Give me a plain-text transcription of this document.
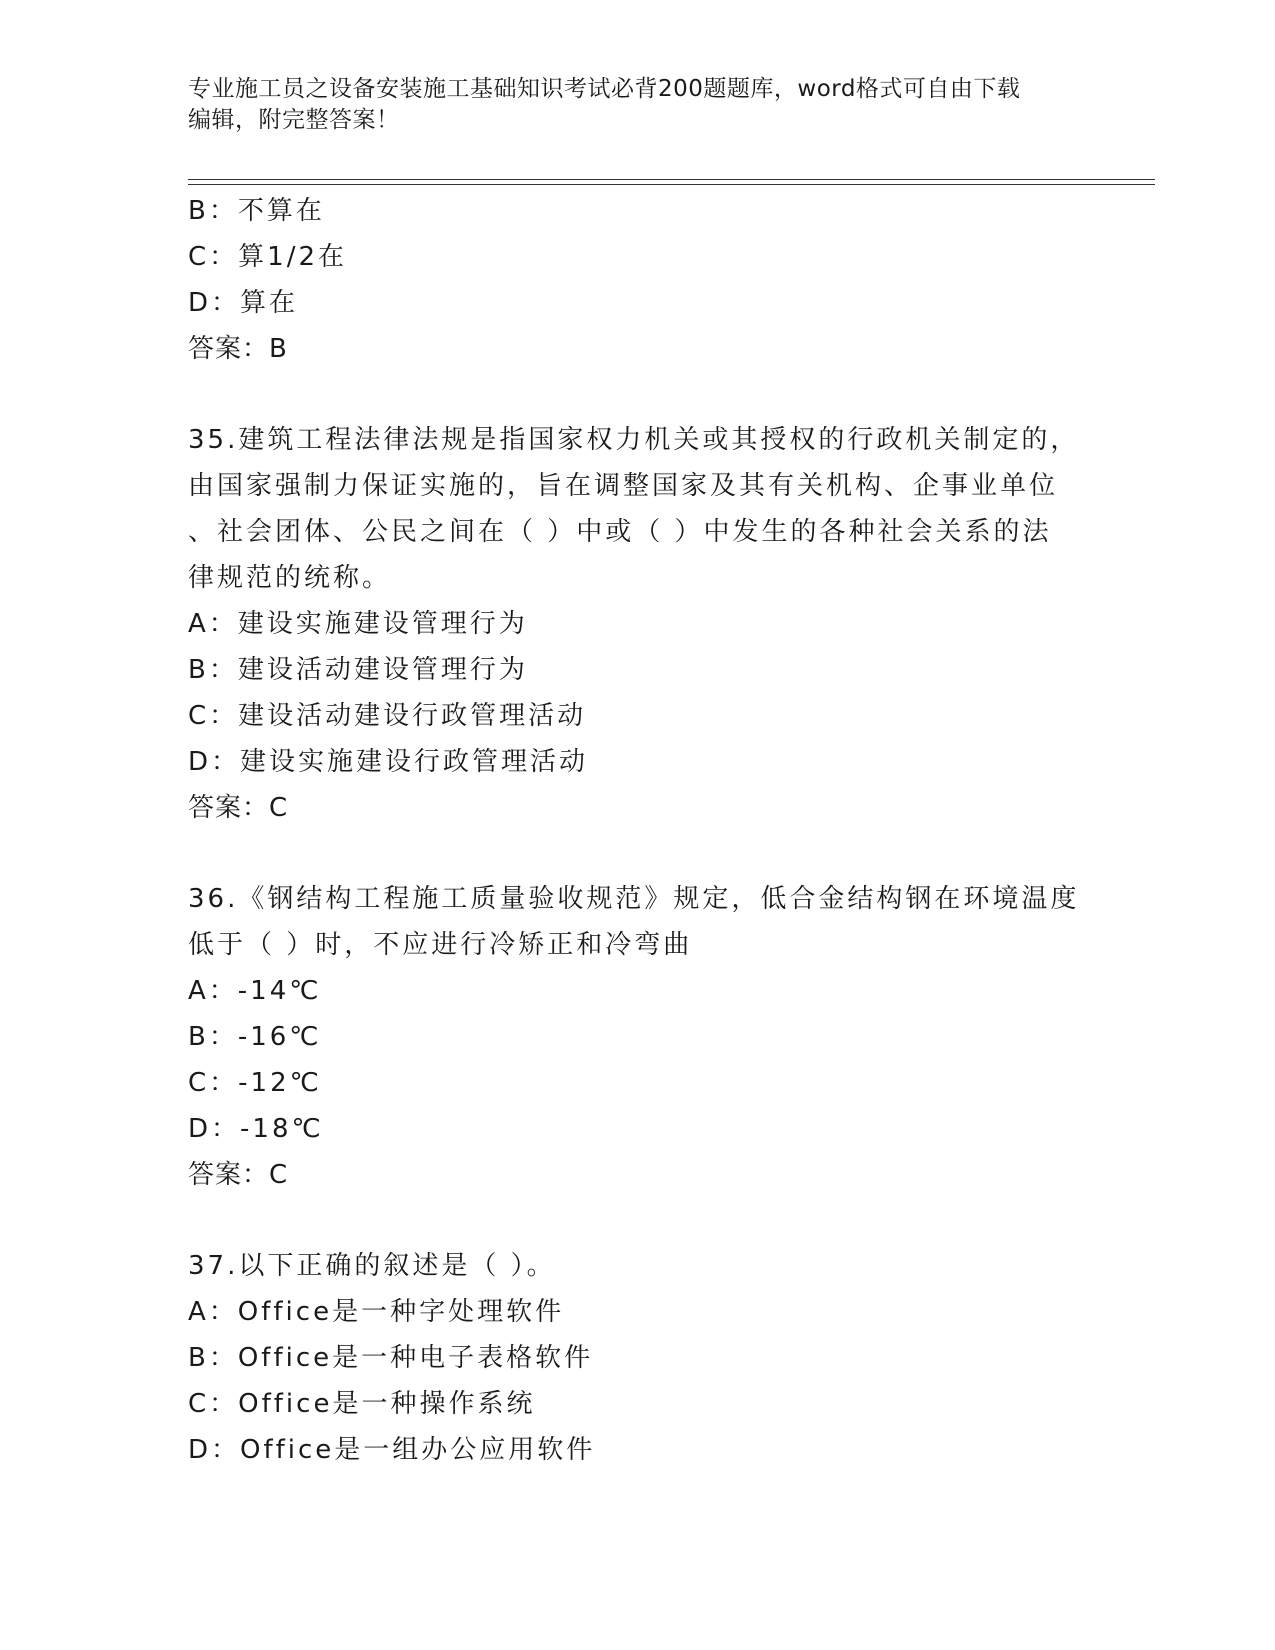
专业施工员之设备安装施工基础知识考试必背200题题库，word格式可自由下载
编辑，附完整答案！
B：不算在
C：算1/2在
D：算在
答案：B
35.建筑工程法律法规是指国家权力机关或其授权的行政机关制定的，
由国家强制力保证实施的，旨在调整国家及其有关机构、企事业单位
、社会团体、公民之间在（ ）中或（ ）中发生的各种社会关系的法
律规范的统称。
A：建设实施建设管理行为
B：建设活动建设管理行为
C：建设活动建设行政管理活动
D：建设实施建设行政管理活动
答案：C
36.《钢结构工程施工质量验收规范》规定，低合金结构钢在环境温度
低于（ ）时，不应进行冷矫正和冷弯曲
A：-14℃
B：-16℃
C：-12℃
D：-18℃
答案：C
37.以下正确的叙述是（ ）。
A：Office是一种字处理软件
B：Office是一种电子表格软件
C：Office是一种操作系统
D：Office是一组办公应用软件
